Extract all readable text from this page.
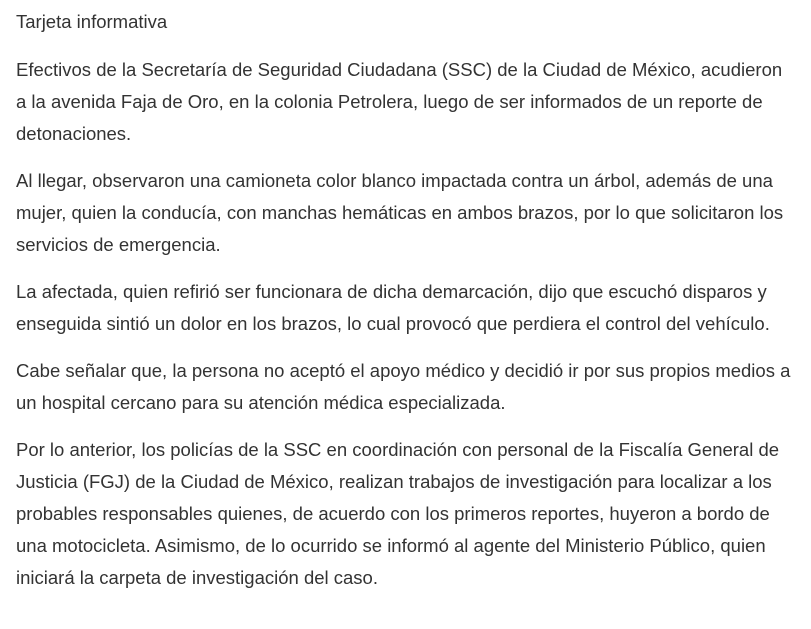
Tarjeta informativa

Efectivos de la Secretaría de Seguridad Ciudadana (SSC) de la Ciudad de México, acudieron a la avenida Faja de Oro, en la colonia Petrolera, luego de ser informados de un reporte de detonaciones.

Al llegar, observaron una camioneta color blanco impactada contra un árbol, además de una mujer, quien la conducía, con manchas hemáticas en ambos brazos, por lo que solicitaron los servicios de emergencia.

La afectada, quien refirió ser funcionara de dicha demarcación, dijo que escuchó disparos y enseguida sintió un dolor en los brazos, lo cual provocó que perdiera el control del vehículo.

Cabe señalar que, la persona no aceptó el apoyo médico y decidió ir por sus propios medios a un hospital cercano para su atención médica especializada.

Por lo anterior, los policías de la SSC en coordinación con personal de la Fiscalía General de Justicia (FGJ) de la Ciudad de México, realizan trabajos de investigación para localizar a los probables responsables quienes, de acuerdo con los primeros reportes, huyeron a bordo de una motocicleta. Asimismo, de lo ocurrido se informó al agente del Ministerio Público, quien iniciará la carpeta de investigación del caso.
